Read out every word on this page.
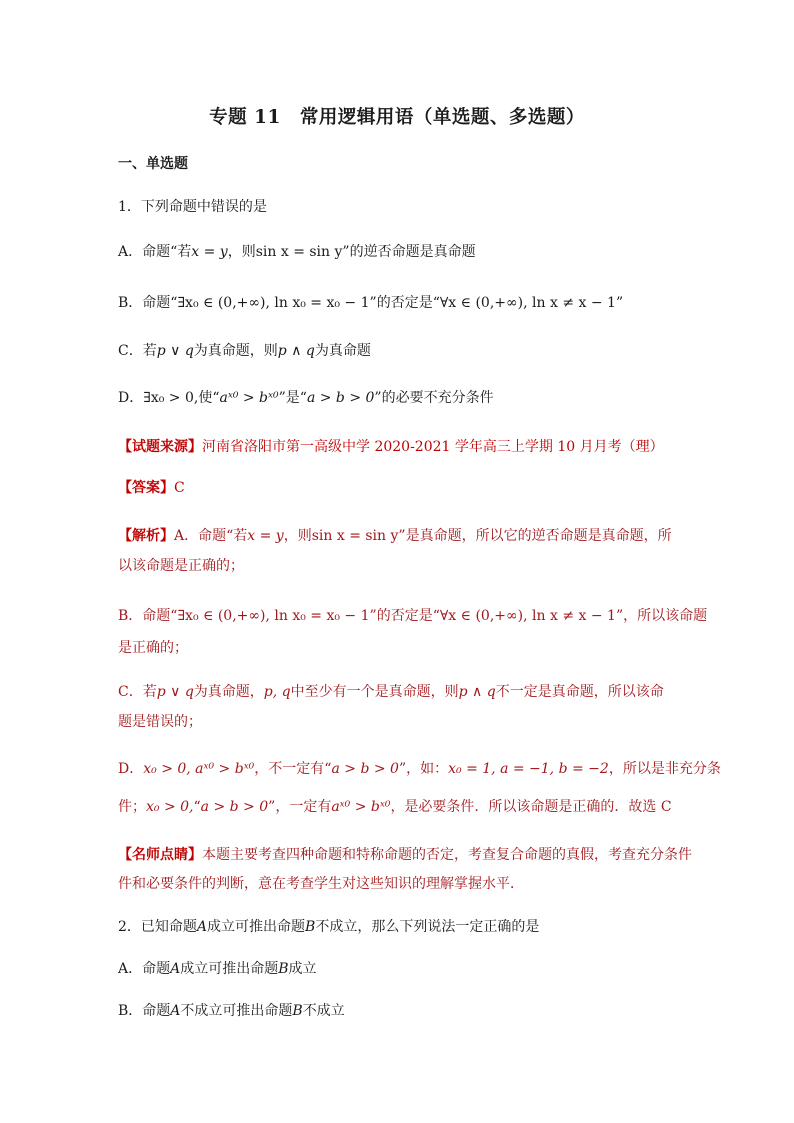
专题 11　常用逻辑用语（单选题、多选题）
一、单选题
1．下列命题中错误的是
A．命题“若x = y，则sin x = sin y”的逆否命题是真命题
B．命题“∃x₀ ∈ (0,+∞), ln x₀ = x₀ − 1”的否定是“∀x ∈ (0,+∞), ln x ≠ x − 1”
C．若p ∨ q为真命题，则p ∧ q为真命题
D．∃x₀ > 0,使“aˣ⁰ > bˣ⁰”是“a > b > 0”的必要不充分条件
【试题来源】河南省洛阳市第一高级中学 2020-2021 学年高三上学期 10 月月考（理）
【答案】C
【解析】A．命题“若x = y，则sin x = sin y”是真命题，所以它的逆否命题是真命题，所
以该命题是正确的；
B．命题“∃x₀ ∈ (0,+∞), ln x₀ = x₀ − 1”的否定是“∀x ∈ (0,+∞), ln x ≠ x − 1”，所以该命题
是正确的；
C．若p ∨ q为真命题，p, q中至少有一个是真命题，则p ∧ q不一定是真命题，所以该命
题是错误的；
D．x₀ > 0, aˣ⁰ > bˣ⁰，不一定有“a > b > 0”，如：x₀ = 1, a = −1, b = −2，所以是非充分条
件；x₀ > 0,“a > b > 0”，一定有aˣ⁰ > bˣ⁰，是必要条件．所以该命题是正确的．故选 C
【名师点睛】本题主要考查四种命题和特称命题的否定，考查复合命题的真假，考查充分条件
件和必要条件的判断，意在考查学生对这些知识的理解掌握水平．
2．已知命题A成立可推出命题B不成立，那么下列说法一定正确的是
A．命题A成立可推出命题B成立
B．命题A不成立可推出命题B不成立
